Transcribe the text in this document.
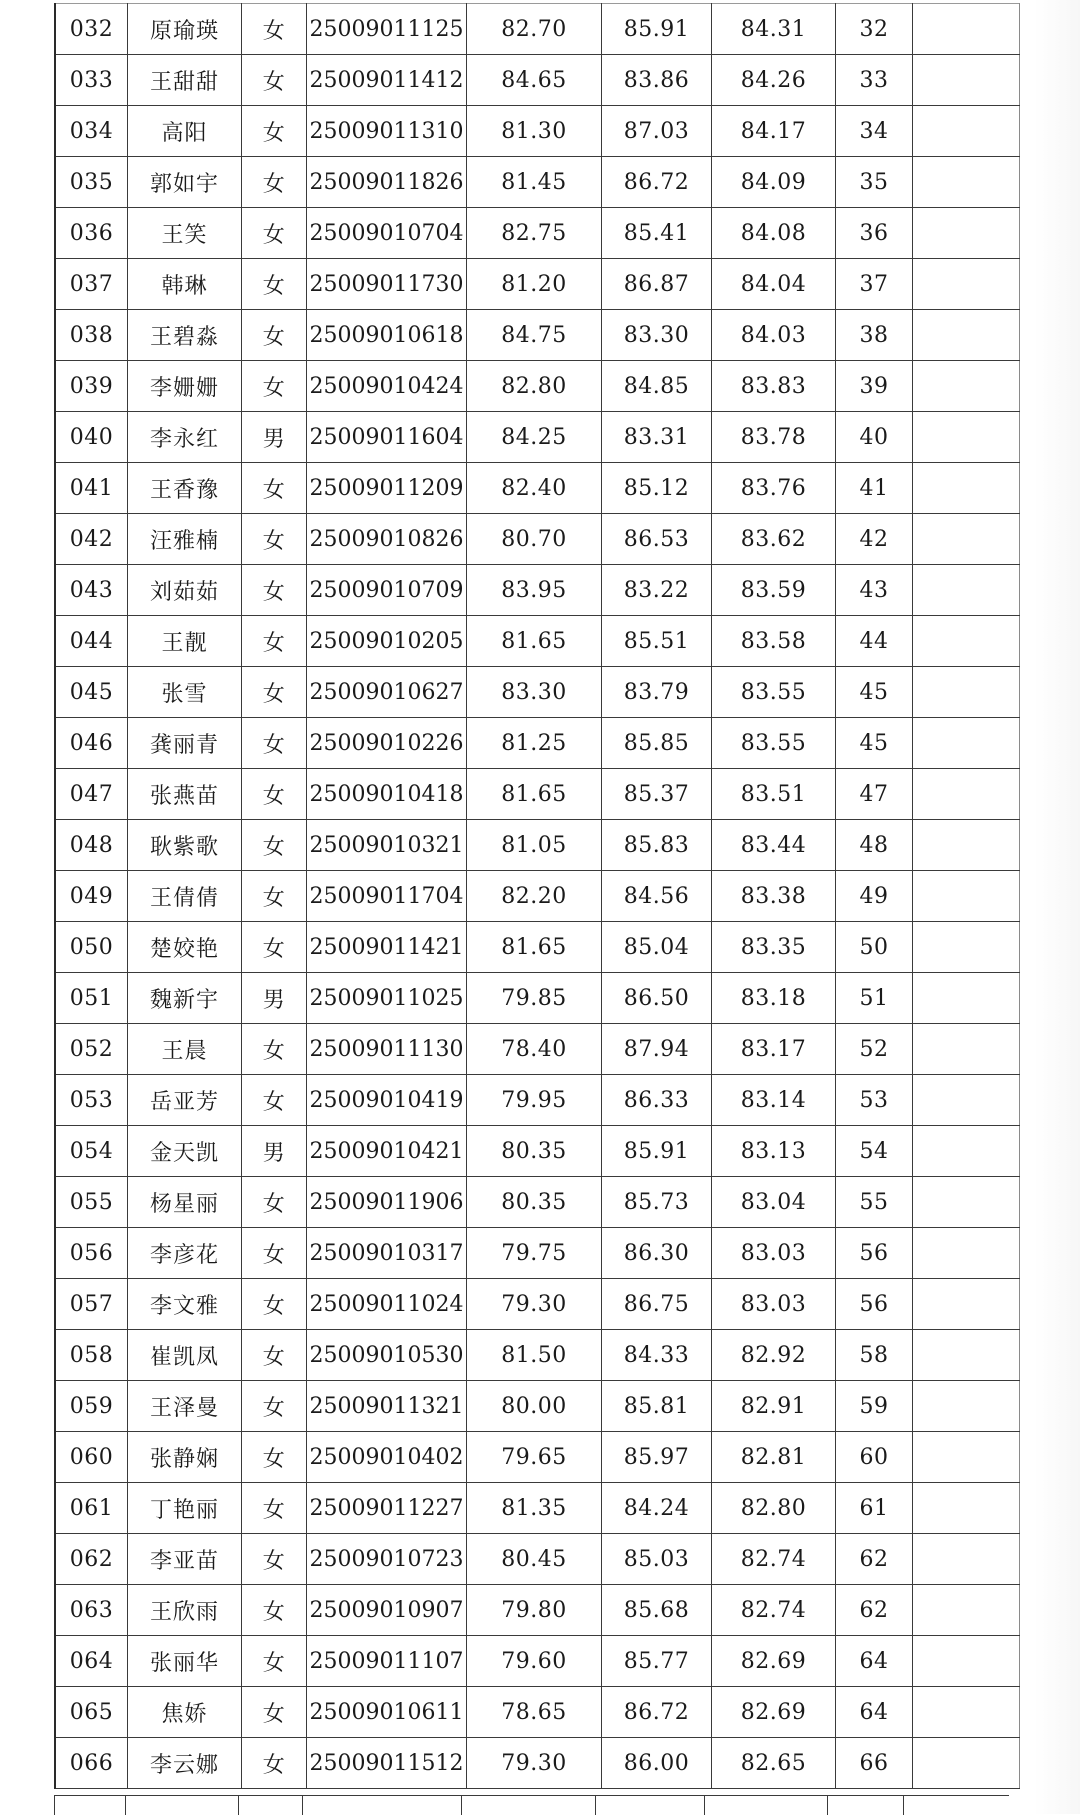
032	原瑜瑛	女	25009011125	82.70	85.91	84.31	32	
033	王甜甜	女	25009011412	84.65	83.86	84.26	33	
034	高阳	女	25009011310	81.30	87.03	84.17	34	
035	郭如宇	女	25009011826	81.45	86.72	84.09	35	
036	王笑	女	25009010704	82.75	85.41	84.08	36	
037	韩琳	女	25009011730	81.20	86.87	84.04	37	
038	王碧淼	女	25009010618	84.75	83.30	84.03	38	
039	李姗姗	女	25009010424	82.80	84.85	83.83	39	
040	李永红	男	25009011604	84.25	83.31	83.78	40	
041	王香豫	女	25009011209	82.40	85.12	83.76	41	
042	汪雅楠	女	25009010826	80.70	86.53	83.62	42	
043	刘茹茹	女	25009010709	83.95	83.22	83.59	43	
044	王靓	女	25009010205	81.65	85.51	83.58	44	
045	张雪	女	25009010627	83.30	83.79	83.55	45	
046	龚丽青	女	25009010226	81.25	85.85	83.55	45	
047	张燕苗	女	25009010418	81.65	85.37	83.51	47	
048	耿紫歌	女	25009010321	81.05	85.83	83.44	48	
049	王倩倩	女	25009011704	82.20	84.56	83.38	49	
050	楚姣艳	女	25009011421	81.65	85.04	83.35	50	
051	魏新宇	男	25009011025	79.85	86.50	83.18	51	
052	王晨	女	25009011130	78.40	87.94	83.17	52	
053	岳亚芳	女	25009010419	79.95	86.33	83.14	53	
054	金天凯	男	25009010421	80.35	85.91	83.13	54	
055	杨星丽	女	25009011906	80.35	85.73	83.04	55	
056	李彦花	女	25009010317	79.75	86.30	83.03	56	
057	李文雅	女	25009011024	79.30	86.75	83.03	56	
058	崔凯凤	女	25009010530	81.50	84.33	82.92	58	
059	王泽曼	女	25009011321	80.00	85.81	82.91	59	
060	张静娴	女	25009010402	79.65	85.97	82.81	60	
061	丁艳丽	女	25009011227	81.35	84.24	82.80	61	
062	李亚苗	女	25009010723	80.45	85.03	82.74	62	
063	王欣雨	女	25009010907	79.80	85.68	82.74	62	
064	张丽华	女	25009011107	79.60	85.77	82.69	64	
065	焦娇	女	25009010611	78.65	86.72	82.69	64	
066	李云娜	女	25009011512	79.30	86.00	82.65	66	
